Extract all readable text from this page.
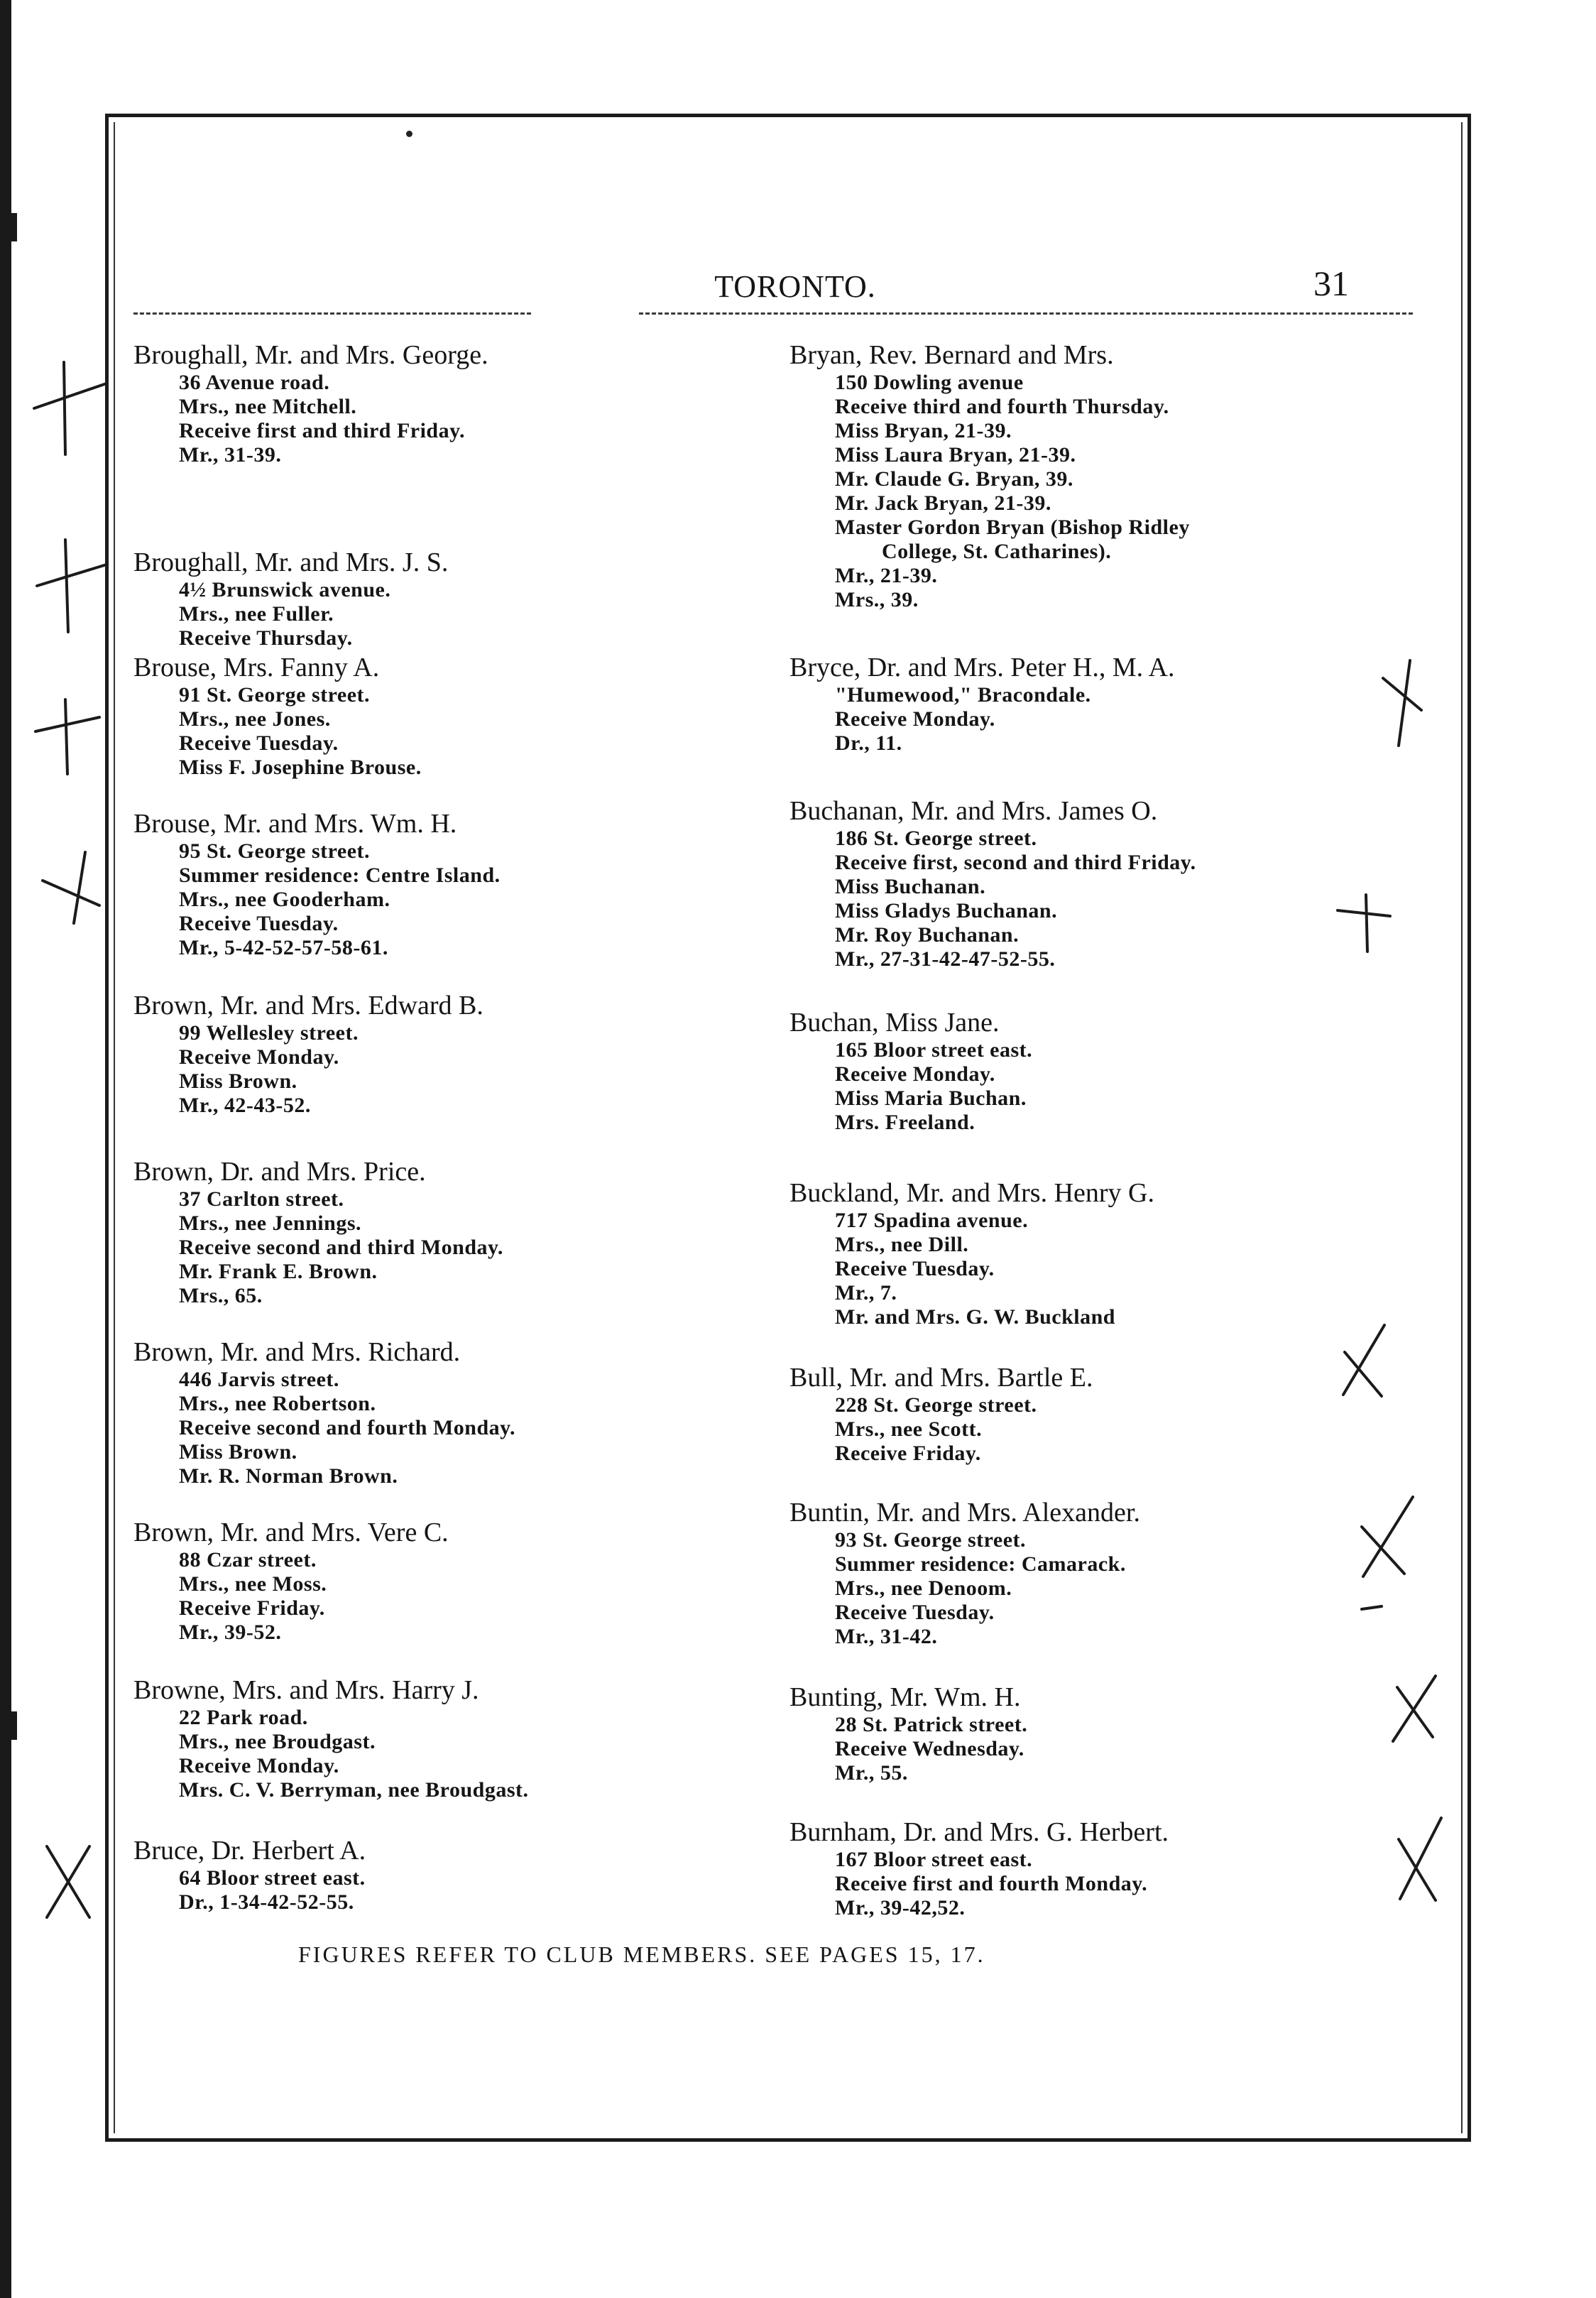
TORONTO.	31
Broughall, Mr. and Mrs. George.
36 Avenue road.
Mrs., nee Mitchell.
Receive first and third Friday.
Mr., 31-39.
Broughall, Mr. and Mrs. J. S.
4½ Brunswick avenue.
Mrs., nee Fuller.
Receive Thursday.
Brouse, Mrs. Fanny A.
91 St. George street.
Mrs., nee Jones.
Receive Tuesday.
Miss F. Josephine Brouse.
Brouse, Mr. and Mrs. Wm. H.
95 St. George street.
Summer residence: Centre Island.
Mrs., nee Gooderham.
Receive Tuesday.
Mr., 5-42-52-57-58-61.
Brown, Mr. and Mrs. Edward B.
99 Wellesley street.
Receive Monday.
Miss Brown.
Mr., 42-43-52.
Brown, Dr. and Mrs. Price.
37 Carlton street.
Mrs., nee Jennings.
Receive second and third Monday.
Mr. Frank E. Brown.
Mrs., 65.
Brown, Mr. and Mrs. Richard.
446 Jarvis street.
Mrs., nee Robertson.
Receive second and fourth Monday.
Miss Brown.
Mr. R. Norman Brown.
Brown, Mr. and Mrs. Vere C.
88 Czar street.
Mrs., nee Moss.
Receive Friday.
Mr., 39-52.
Browne, Mrs. and Mrs. Harry J.
22 Park road.
Mrs., nee Broudgast.
Receive Monday.
Mrs. C. V. Berryman, nee Broudgast.
Bruce, Dr. Herbert A.
64 Bloor street east.
Dr., 1-34-42-52-55.
Bryan, Rev. Bernard and Mrs.
150 Dowling avenue
Receive third and fourth Thursday.
Miss Bryan, 21-39.
Miss Laura Bryan, 21-39.
Mr. Claude G. Bryan, 39.
Mr. Jack Bryan, 21-39.
Master Gordon Bryan (Bishop Ridley
College, St. Catharines).
Mr., 21-39.
Mrs., 39.
Bryce, Dr. and Mrs. Peter H., M. A.
"Humewood," Bracondale.
Receive Monday.
Dr., 11.
Buchanan, Mr. and Mrs. James O.
186 St. George street.
Receive first, second and third Friday.
Miss Buchanan.
Miss Gladys Buchanan.
Mr. Roy Buchanan.
Mr., 27-31-42-47-52-55.
Buchan, Miss Jane.
165 Bloor street east.
Receive Monday.
Miss Maria Buchan.
Mrs. Freeland.
Buckland, Mr. and Mrs. Henry G.
717 Spadina avenue.
Mrs., nee Dill.
Receive Tuesday.
Mr., 7.
Mr. and Mrs. G. W. Buckland
Bull, Mr. and Mrs. Bartle E.
228 St. George street.
Mrs., nee Scott.
Receive Friday.
Buntin, Mr. and Mrs. Alexander.
93 St. George street.
Summer residence: Camarack.
Mrs., nee Denoom.
Receive Tuesday.
Mr., 31-42.
Bunting, Mr. Wm. H.
28 St. Patrick street.
Receive Wednesday.
Mr., 55.
Burnham, Dr. and Mrs. G. Herbert.
167 Bloor street east.
Receive first and fourth Monday.
Mr., 39-42,52.
FIGURES REFER TO CLUB MEMBERS. SEE PAGES 15, 17.
